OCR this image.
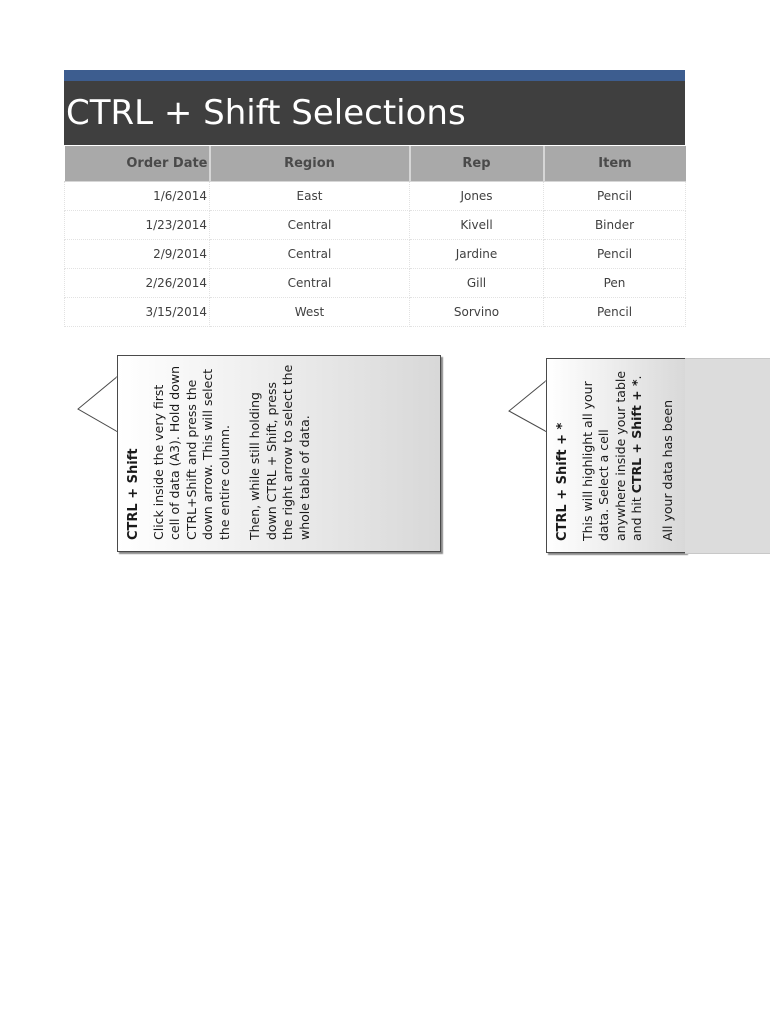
CTRL + Shift Selections
Order Date	Region	Rep	Item
1/6/2014	East	Jones	Pencil
1/23/2014	Central	Kivell	Binder
2/9/2014	Central	Jardine	Pencil
2/26/2014	Central	Gill	Pen
3/15/2014	West	Sorvino	Pencil
CTRL + Shift Click inside the very first cell of data (A3). Hold down CTRL+Shift and press the down arrow. This will select the entire column. Then, while still holding down CTRL + Shift, press the right arrow to select the whole table of data.	CTRL + Shift + * This will highlight all your data. Select a cell anywhere inside your table and hit CTRL + Shift + *.

All your data has been
